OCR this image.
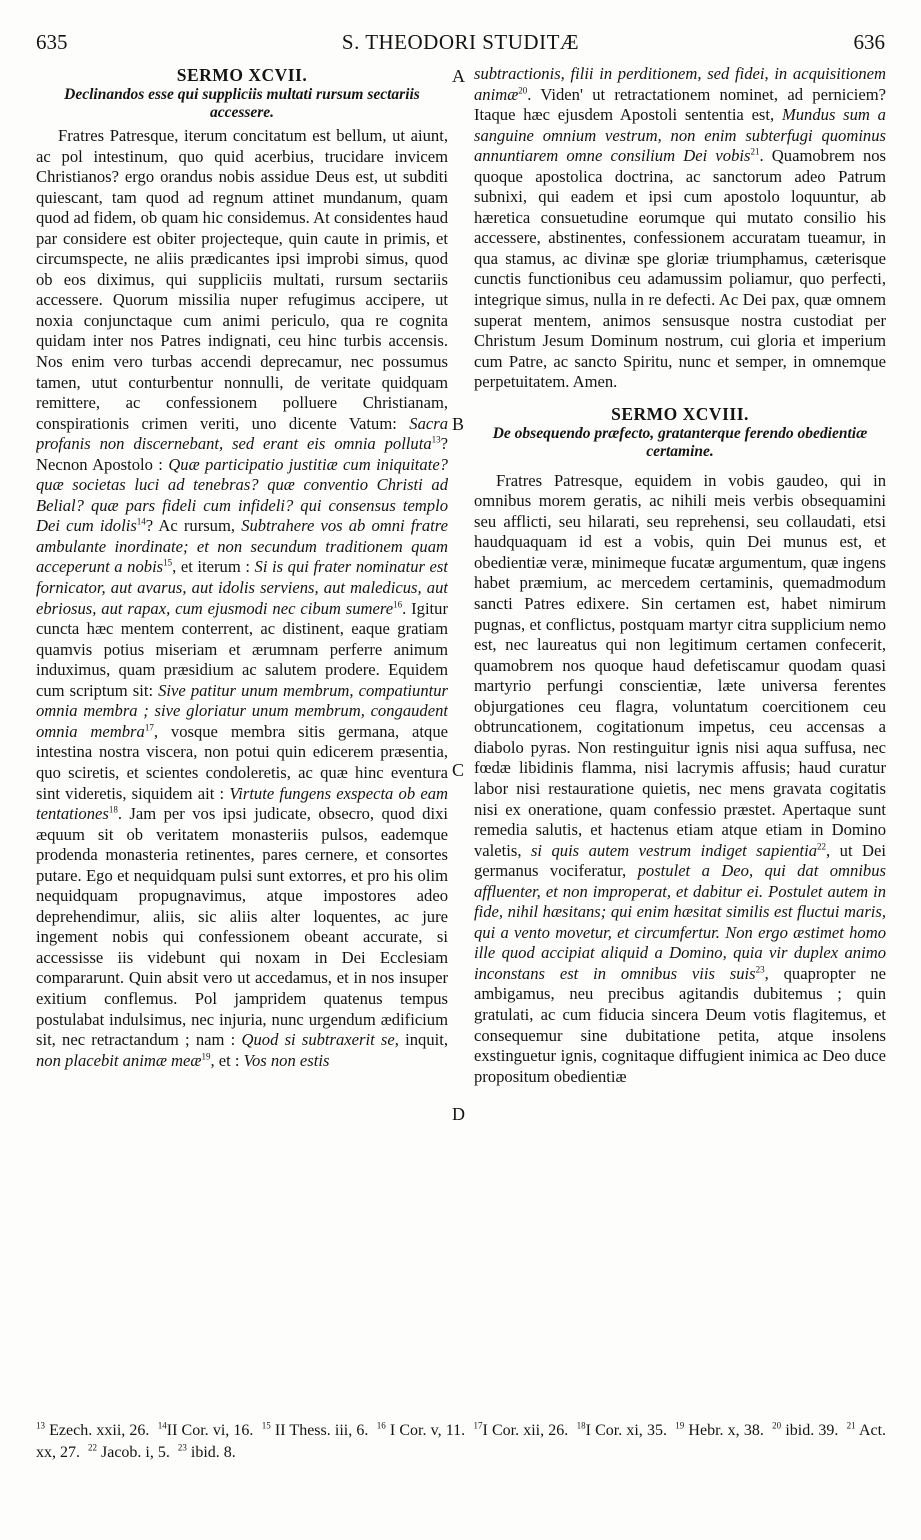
635	S. THEODORI STUDITÆ	636
SERMO XCVII.
Declinandos esse qui suppliciis multati rursum sectariis accessere.

Fratres Patresque, iterum concitatum est bellum, ut aiunt, ac pol intestinum, quo quid acerbius, trucidare invicem Christianos? ergo orandus nobis assidue Deus est, ut subditi quiescant, tam quod ad regnum attinet mundanum, quam quod ad fidem, ob quam hic considemus. At considentes haud par considere est obiter projecteque, quin caute in primis, et circumspecte, ne aliis prædicantes ipsi improbi simus, quod ob eos diximus, qui suppliciis multati, rursum sectariis accessere. Quorum missilia nuper refugimus accipere, ut noxia conjunctaque cum animi periculo, qua re cognita quidam inter nos Patres indignati, ceu hinc turbis accensis. Nos enim vero turbas accendi deprecamur, nec possumus tamen, utut conturbentur nonnulli, de veritate quidquam remittere, ac confessionem polluere Christianam, conspirationis crimen veriti, uno dicente Vatum: Sacra profanis non discernebant, sed erant eis omnia polluta$^{13}$? Necnon Apostolo : Quæ participatio justitiæ cum iniquitate? quæ societas luci ad tenebras? quæ conventio Christi ad Belial? quæ pars fideli cum infideli? qui consensus templo Dei cum idolis$^{14}$? Ac rursum, Subtrahere vos ab omni fratre ambulante inordinate; et non secundum traditionem quam acceperunt a nobis$^{15}$, et iterum : Si is qui frater nominatur est fornicator, aut avarus, aut idolis serviens, aut maledicus, aut ebriosus, aut rapax, cum ejusmodi nec cibum sumere$^{16}$. Igitur cuncta hæc mentem conterrent, ac distinent, eaque gratiam quamvis potius miseriam et ærumnam perferre animum induximus, quam præsidium ac salutem prodere. Equidem cum scriptum sit: Sive patitur unum membrum, compatiuntur omnia membra ; sive gloriatur unum membrum, congaudent omnia membra$^{17}$, vosque membra sitis germana, atque intestina nostra viscera, non potui quin edicerem præsentia, quo sciretis, et scientes condoleretis, ac quæ hinc eventura sint videretis, siquidem ait : Virtute fungens exspecta ob eam tentationes$^{18}$. Jam per vos ipsi judicate, obsecro, quod dixi æquum sit ob veritatem monasteriis pulsos, eademque prodenda monasteria retinentes, pares cernere, et consortes putare. Ego et nequidquam pulsi sunt extorres, et pro his olim nequidquam propugnavimus, atque impostores adeo deprehendimur, aliis, sic aliis alter loquentes, ac jure ingement nobis qui confessionem obeant accurate, si accessisse iis videbunt qui noxam in Dei Ecclesiam compararunt. Quin absit vero ut accedamus, et in nos insuper exitium conflemus. Pol jampridem quatenus tempus postulabat indulsimus, nec injuria, nunc urgendum ædificium sit, nec retractandum ; nam : Quod si subtraxerit se, inquit, non placebit animæ meæ$^{19}$, et : Vos non estis

A
B
C
D

subtractionis, filii in perditionem, sed fidei, in acquisitionem animæ$^{20}$. Viden' ut retractationem nominet, ad perniciem? Itaque hæc ejusdem Apostoli sententia est, Mundus sum a sanguine omnium vestrum, non enim subterfugi quominus annuntiarem omne consilium Dei vobis$^{21}$. Quamobrem nos quoque apostolica doctrina, ac sanctorum adeo Patrum subnixi, qui eadem et ipsi cum apostolo loquuntur, ab hæretica consuetudine eorumque qui mutato consilio his accessere, abstinentes, confessionem accuratam tueamur, in qua stamus, ac divinæ spe gloriæ triumphamus, cæterisque cunctis functionibus ceu adamussim poliamur, quo perfecti, integrique simus, nulla in re defecti. Ac Dei pax, quæ omnem superat mentem, animos sensusque nostra custodiat per Christum Jesum Dominum nostrum, cui gloria et imperium cum Patre, ac sancto Spiritu, nunc et semper, in omnemque perpetuitatem. Amen.

SERMO XCVIII.
De obsequendo præfecto, gratanterque ferendo obedientiæ certamine.

Fratres Patresque, equidem in vobis gaudeo, qui in omnibus morem geratis, ac nihili meis verbis obsequamini seu afflicti, seu hilarati, seu reprehensi, seu collaudati, etsi haudquaquam id est a vobis, quin Dei munus est, et obedientiæ veræ, minimeque fucatæ argumentum, quæ ingens habet præmium, ac mercedem certaminis, quemadmodum sancti Patres edixere. Sin certamen est, habet nimirum pugnas, et conflictus, postquam martyr citra supplicium nemo est, nec laureatus qui non legitimum certamen confecerit, quamobrem nos quoque haud defetiscamur quodam quasi martyrio perfungi conscientiæ, læte universa ferentes objurgationes ceu flagra, voluntatum coercitionem ceu obtruncationem, cogitationum impetus, ceu accensas a diabolo pyras. Non restinguitur ignis nisi aqua suffusa, nec fœdæ libidinis flamma, nisi lacrymis affusis; haud curatur labor nisi restauratione quietis, nec mens gravata cogitatis nisi ex oneratione, quam confessio præstet. Apertaque sunt remedia salutis, et hactenus etiam atque etiam in Domino valetis, si quis autem vestrum indiget sapientia$^{22}$, ut Dei germanus vociferatur, postulet a Deo, qui dat omnibus affluenter, et non improperat, et dabitur ei. Postulet autem in fide, nihil hæsitans; qui enim hæsitat similis est fluctui maris, qui a vento movetur, et circumfertur. Non ergo æstimet homo ille quod accipiat aliquid a Domino, quia vir duplex animo inconstans est in omnibus viis suis$^{23}$, quapropter ne ambigamus, neu precibus agitandis dubitemus ; quin gratulati, ac cum fiducia sincera Deum votis flagitemus, et consequemur sine dubitatione petita, atque insolens exstinguetur ignis, cognitaque diffugient inimica ac Deo duce propositum obedientiæ

$^{13}$ Ezech. xxii, 26. $^{14}$II Cor. vi, 16. $^{15}$ II Thess. iii, 6. $^{16}$ I Cor. v, 11. $^{17}$I Cor. xii, 26. $^{18}$I Cor. xi, 35. $^{19}$ Hebr. x, 38. $^{20}$ ibid. 39. $^{21}$ Act. xx, 27. $^{22}$ Jacob. i, 5. $^{23}$ ibid. 8.
